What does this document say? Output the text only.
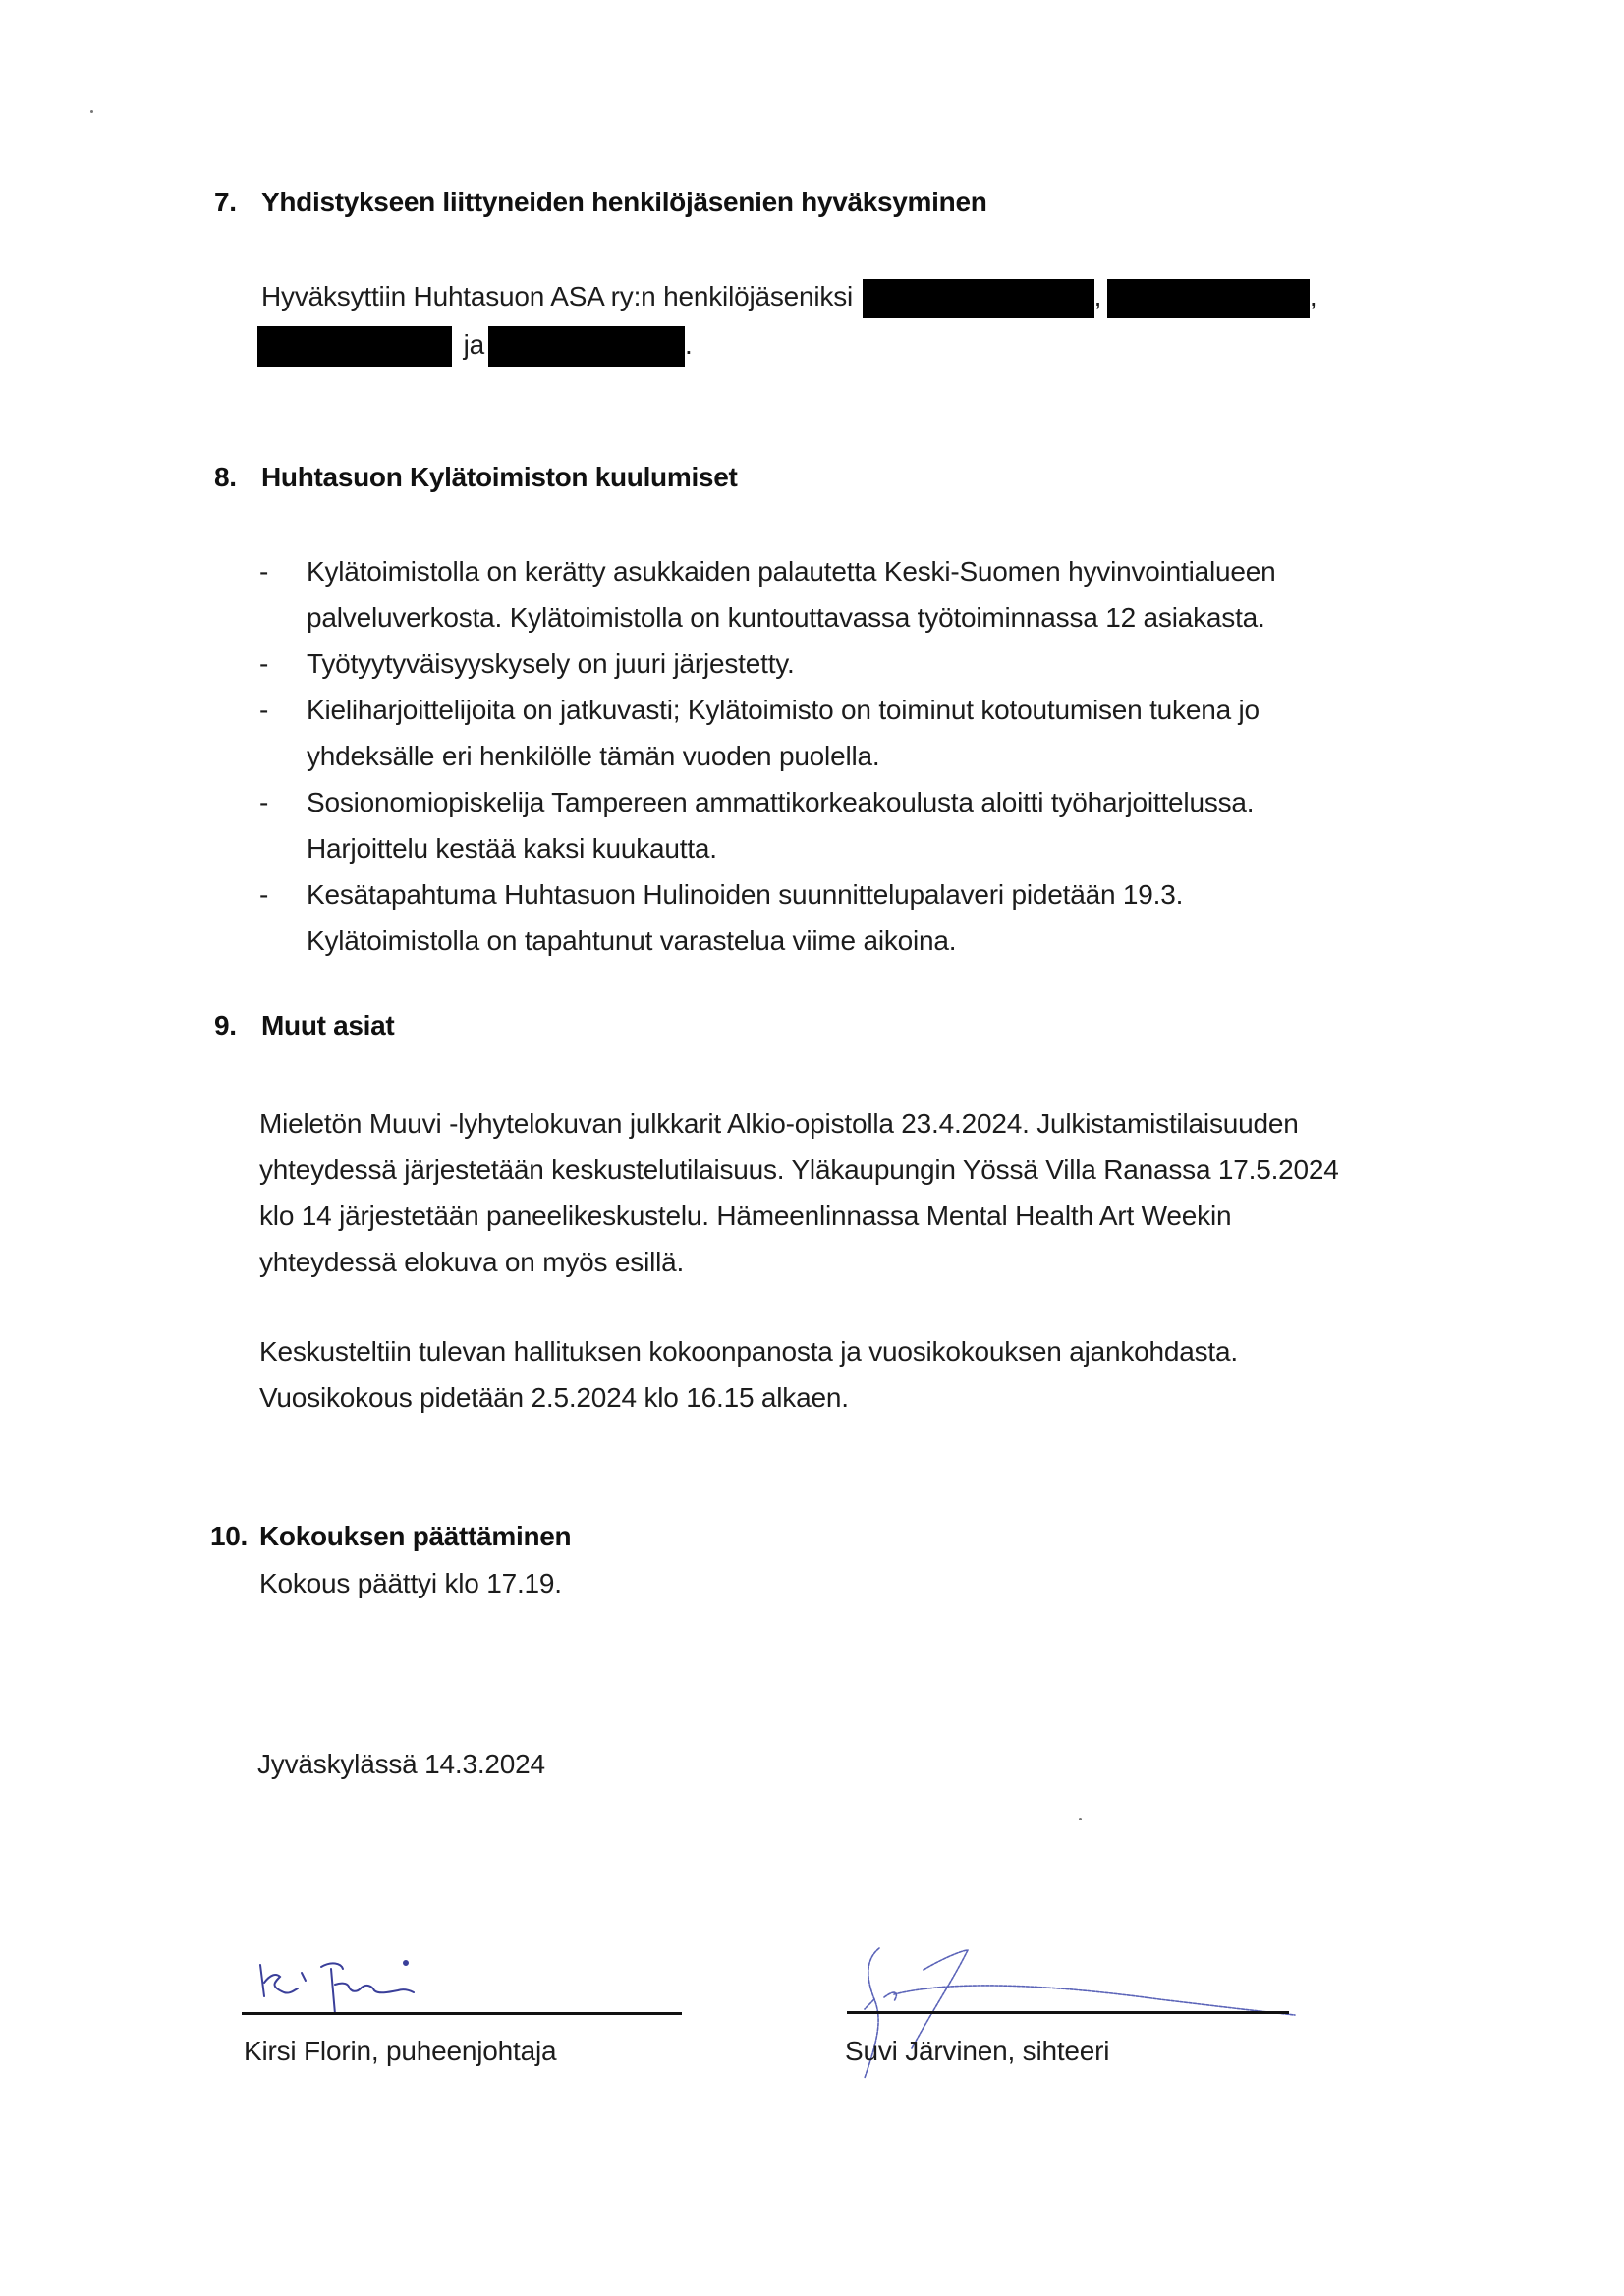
7. Yhdistykseen liittyneiden henkilöjäsenien hyväksyminen
Hyväksyttiin Huhtasuon ASA ry:n henkilöjäseniksi	,	,
ja	.
8. Huhtasuon Kylätoimiston kuulumiset
- Kylätoimistolla on kerätty asukkaiden palautetta Keski-Suomen hyvinvointialueen
palveluverkosta. Kylätoimistolla on kuntouttavassa työtoiminnassa 12 asiakasta.
- Työtyytyväisyyskysely on juuri järjestetty.
- Kieliharjoittelijoita on jatkuvasti; Kylätoimisto on toiminut kotoutumisen tukena jo
yhdeksälle eri henkilölle tämän vuoden puolella.
- Sosionomiopiskelija Tampereen ammattikorkeakoulusta aloitti työharjoittelussa.
Harjoittelu kestää kaksi kuukautta.
- Kesätapahtuma Huhtasuon Hulinoiden suunnittelupalaveri pidetään 19.3.
Kylätoimistolla on tapahtunut varastelua viime aikoina.
9. Muut asiat
Mieletön Muuvi -lyhytelokuvan julkkarit Alkio-opistolla 23.4.2024. Julkistamistilaisuuden
yhteydessä järjestetään keskustelutilaisuus. Yläkaupungin Yössä Villa Ranassa 17.5.2024
klo 14 järjestetään paneelikeskustelu. Hämeenlinnassa Mental Health Art Weekin
yhteydessä elokuva on myös esillä.
Keskusteltiin tulevan hallituksen kokoonpanosta ja vuosikokouksen ajankohdasta.
Vuosikokous pidetään 2.5.2024 klo 16.15 alkaen.
10. Kokouksen päättäminen
Kokous päättyi klo 17.19.
Jyväskylässä 14.3.2024
Kirsi Florin, puheenjohtaja	Suvi Järvinen, sihteeri
